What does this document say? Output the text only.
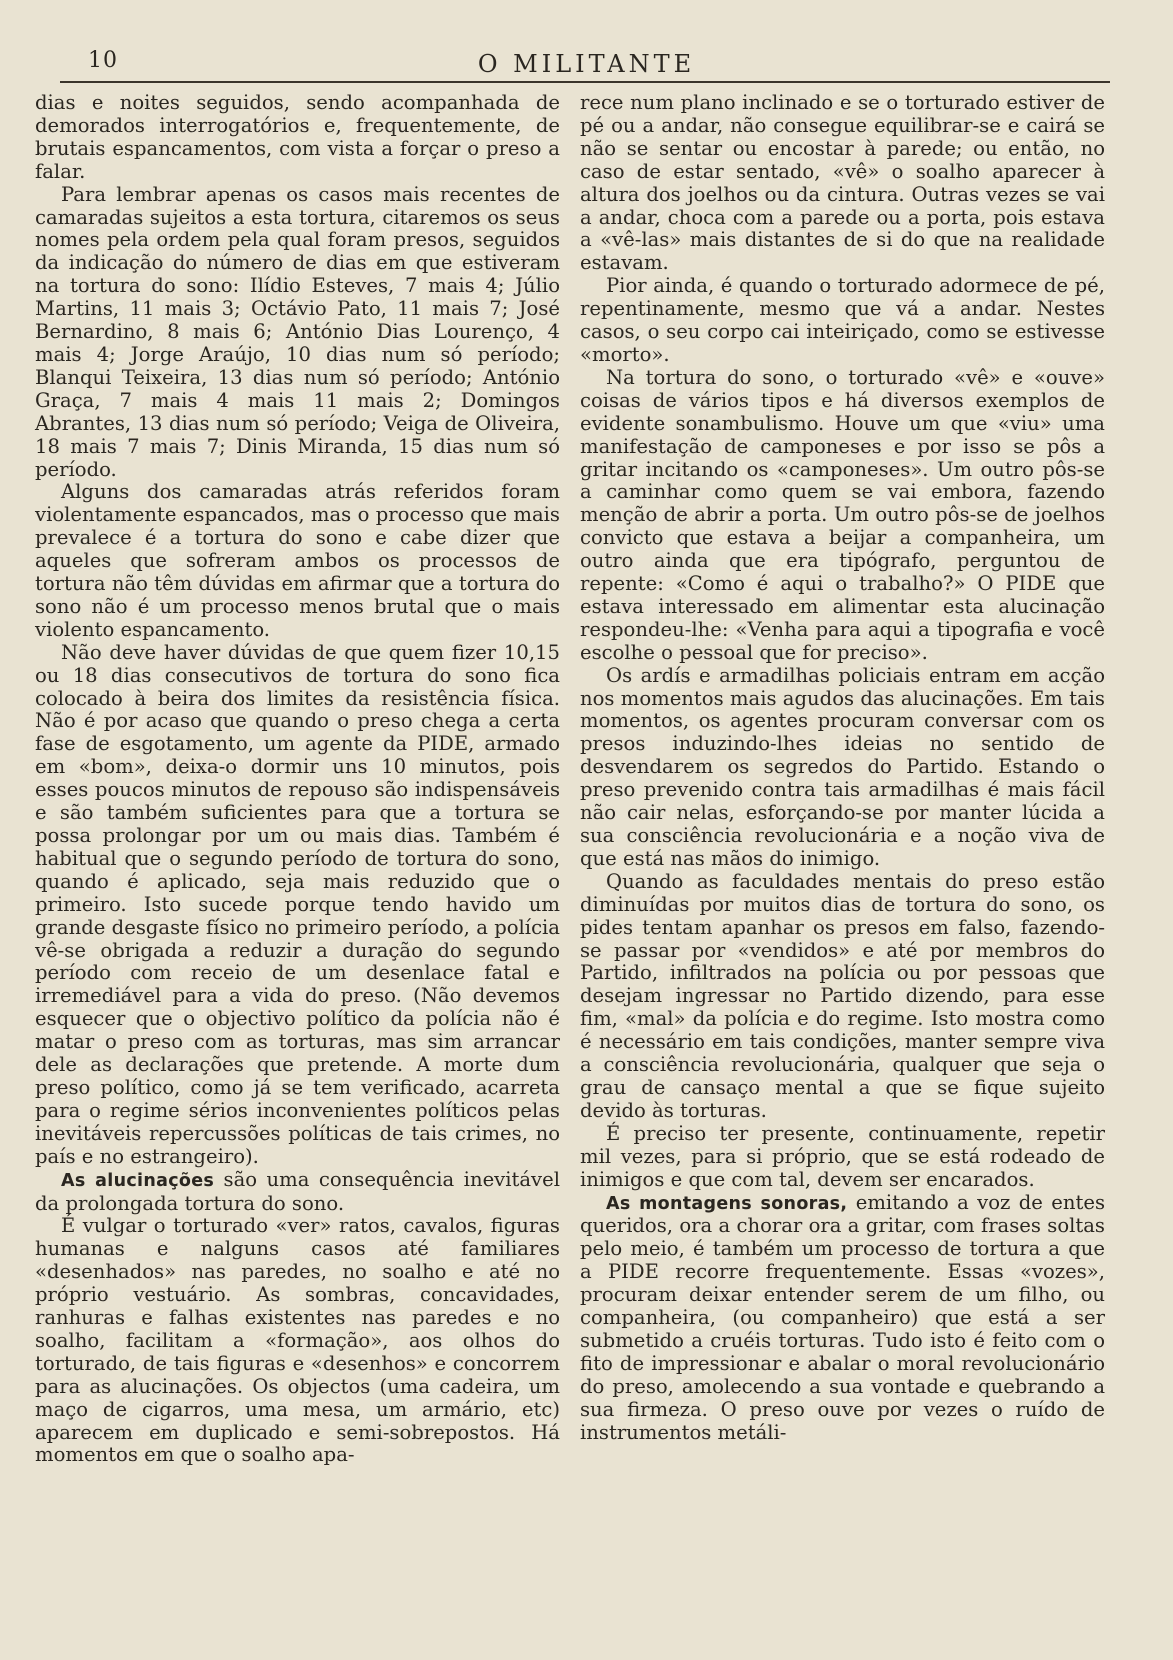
10	O MILITANTE

dias e noites seguidos, sendo acompanhada de demorados interrogatórios e, frequentemente, de brutais espancamentos, com vista a forçar o preso a falar.

Para lembrar apenas os casos mais recentes de camaradas sujeitos a esta tortura, citaremos os seus nomes pela ordem pela qual foram presos, seguidos da indicação do número de dias em que estiveram na tortura do sono: Ilídio Esteves, 7 mais 4; Júlio Martins, 11 mais 3; Octávio Pato, 11 mais 7; José Bernardino, 8 mais 6; António Dias Lourenço, 4 mais 4; Jorge Araújo, 10 dias num só período; Blanqui Teixeira, 13 dias num só período; António Graça, 7 mais 4 mais 11 mais 2; Domingos Abrantes, 13 dias num só período; Veiga de Oliveira, 18 mais 7 mais 7; Dinis Miranda, 15 dias num só período.

Alguns dos camaradas atrás referidos foram violentamente espancados, mas o processo que mais prevalece é a tortura do sono e cabe dizer que aqueles que sofreram ambos os processos de tortura não têm dúvidas em afirmar que a tortura do sono não é um processo menos brutal que o mais violento espancamento.

Não deve haver dúvidas de que quem fizer 10,15 ou 18 dias consecutivos de tortura do sono fica colocado à beira dos limites da resistência física. Não é por acaso que quando o preso chega a certa fase de esgotamento, um agente da PIDE, armado em «bom», deixa-o dormir uns 10 minutos, pois esses poucos minutos de repouso são indispensáveis e são também suficientes para que a tortura se possa prolongar por um ou mais dias. Também é habitual que o segundo período de tortura do sono, quando é aplicado, seja mais reduzido que o primeiro. Isto sucede porque tendo havido um grande desgaste físico no primeiro período, a polícia vê-se obrigada a reduzir a duração do segundo período com receio de um desenlace fatal e irremediável para a vida do preso. (Não devemos esquecer que o objectivo político da polícia não é matar o preso com as torturas, mas sim arrancar dele as declarações que pretende. A morte dum preso político, como já se tem verificado, acarreta para o regime sérios inconvenientes políticos pelas inevitáveis repercussões políticas de tais crimes, no país e no estrangeiro).

As alucinações são uma consequência inevitável da prolongada tortura do sono.

É vulgar o torturado «ver» ratos, cavalos, figuras humanas e nalguns casos até familiares «desenhados» nas paredes, no soalho e até no próprio vestuário. As sombras, concavidades, ranhuras e falhas existentes nas paredes e no soalho, facilitam a «formação», aos olhos do torturado, de tais figuras e «desenhos» e concorrem para as alucinações. Os objectos (uma cadeira, um maço de cigarros, uma mesa, um armário, etc) aparecem em duplicado e semi-sobrepostos. Há momentos em que o soalho apa-

rece num plano inclinado e se o torturado estiver de pé ou a andar, não consegue equilibrar-se e cairá se não se sentar ou encostar à parede; ou então, no caso de estar sentado, «vê» o soalho aparecer à altura dos joelhos ou da cintura. Outras vezes se vai a andar, choca com a parede ou a porta, pois estava a «vê-las» mais distantes de si do que na realidade estavam.

Pior ainda, é quando o torturado adormece de pé, repentinamente, mesmo que vá a andar. Nestes casos, o seu corpo cai inteiriçado, como se estivesse «morto».

Na tortura do sono, o torturado «vê» e «ouve» coisas de vários tipos e há diversos exemplos de evidente sonambulismo. Houve um que «viu» uma manifestação de camponeses e por isso se pôs a gritar incitando os «camponeses». Um outro pôs-se a caminhar como quem se vai embora, fazendo menção de abrir a porta. Um outro pôs-se de joelhos convicto que estava a beijar a companheira, um outro ainda que era tipógrafo, perguntou de repente: «Como é aqui o trabalho?» O PIDE que estava interessado em alimentar esta alucinação respondeu-lhe: «Venha para aqui a tipografia e você escolhe o pessoal que for preciso».

Os ardís e armadilhas policiais entram em acção nos momentos mais agudos das alucinações. Em tais momentos, os agentes procuram conversar com os presos induzindo-lhes ideias no sentido de desvendarem os segredos do Partido. Estando o preso prevenido contra tais armadilhas é mais fácil não cair nelas, esforçando-se por manter lúcida a sua consciência revolucionária e a noção viva de que está nas mãos do inimigo.

Quando as faculdades mentais do preso estão diminuídas por muitos dias de tortura do sono, os pides tentam apanhar os presos em falso, fazendo-se passar por «vendidos» e até por membros do Partido, infiltrados na polícia ou por pessoas que desejam ingressar no Partido dizendo, para esse fim, «mal» da polícia e do regime. Isto mostra como é necessário em tais condições, manter sempre viva a consciência revolucionária, qualquer que seja o grau de cansaço mental a que se fique sujeito devido às torturas.

É preciso ter presente, continuamente, repetir mil vezes, para si próprio, que se está rodeado de inimigos e que com tal, devem ser encarados.

As montagens sonoras, emitando a voz de entes queridos, ora a chorar ora a gritar, com frases soltas pelo meio, é também um processo de tortura a que a PIDE recorre frequentemente. Essas «vozes», procuram deixar entender serem de um filho, ou companheira, (ou companheiro) que está a ser submetido a cruéis torturas. Tudo isto é feito com o fito de impressionar e abalar o moral revolucionário do preso, amolecendo a sua vontade e quebrando a sua firmeza. O preso ouve por vezes o ruído de instrumentos metáli-
